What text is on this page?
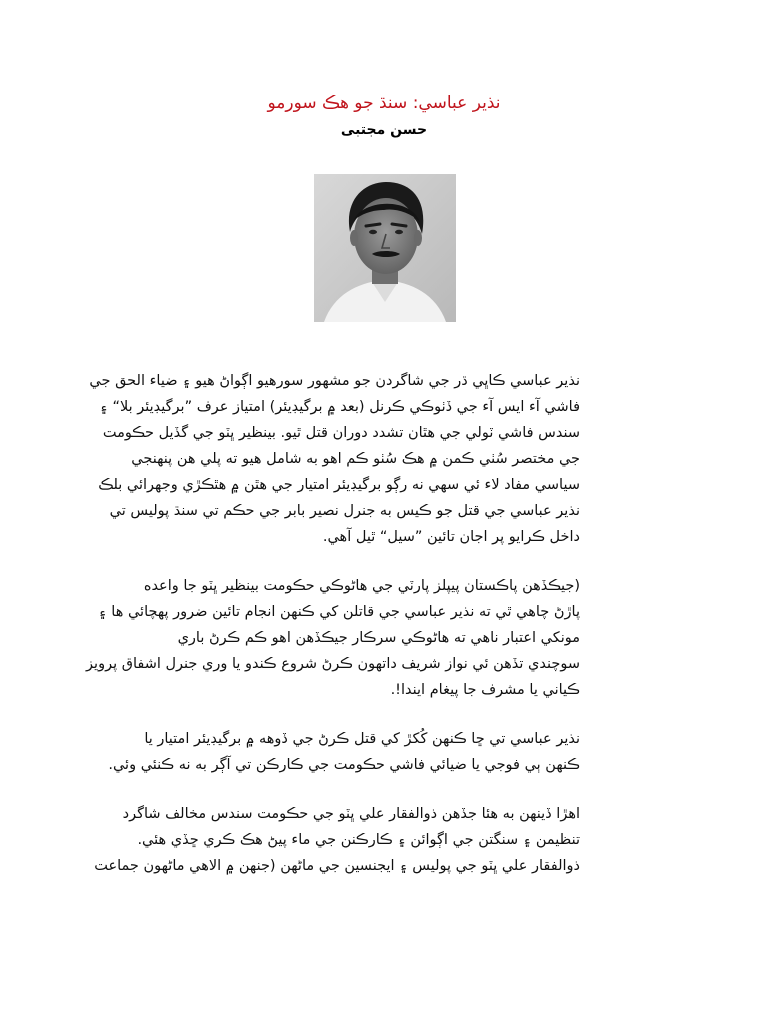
نذير عباسي: سنڌ جو هڪ سورمو
حسن مجتبى

نذير عباسي ڪاڀي ڌر جي شاگردن جو مشھور سورهيو اڳواڻ هيو ۽ ضياء الحق جي
فاشي آء ايس آء جي ڏٺوڪي ڪرنل (بعد ۾ برگيڊيئر) امتياز عرف ”برگيڊيئر بلا“ ۽
سندس فاشي ٽولي جي هٿان تشدد دوران قتل ٿيو. بينظير ڀٽو جي گڏيل حڪومت
جي مختصر سُٺي ڪمن ۾ هڪ سُٺو ڪم اهو به شامل هيو ته پلي هن پنهنجي
سياسي مفاد لاء ئي سهي نه رڳو برگيڊيئر امتيار جي هٿن ۾ هٿڪڙي وجهرائي بلڪ
نذير عباسي جي قتل جو ڪيس به جنرل نصير بابر جي حڪم تي سنڌ پوليس تي
داخل ڪرايو پر اجان تائين ”سيل“ ٿيل آهي.

(جيڪڏهن پاڪستان پيپلز پارٽي جي هاڻوڪي حڪومت بينظير ڀٽو جا واعده
پاڙڻ چاهي ٿي ته نذير عباسي جي قاتلن کي ڪنهن انجام تائين ضرور پهچائي ها ۽
مونکي اعتبار ناهي ته هاڻوڪي سرڪار جيڪڏهن اهو ڪم ڪرڻ باري
سوچندي تڏهن ئي نواز شريف داتهون ڪرڻ شروع ڪندو يا وري جنرل اشفاق پرويز
ڪياني يا مشرف جا پيغام ايندا!.

نذير عباسي تي ڇا ڪنهن کُکڙ کي قتل ڪرڻ جي ڏوهه ۾ برگيڊيئر امتيار يا
ڪنهن ٻي فوجي يا ضيائي فاشي حڪومت جي ڪارڪن تي آڳر به نه ڪنئي وئي.

اهڙا ڏينهن به هئا جڏهن ذوالفقار علي ڀٽو جي حڪومت سندس مخالف شاگرد
تنظيمن ۽ سنگتن جي اڳوائن ۽ ڪارڪنن جي ماء پيڻ هڪ ڪري ڇڏي هئي.
ذوالفقار علي ڀٽو جي پوليس ۽ ايجنسين جي ماڻهن (جنهن ۾ الاهي ماڻهون جماعت
